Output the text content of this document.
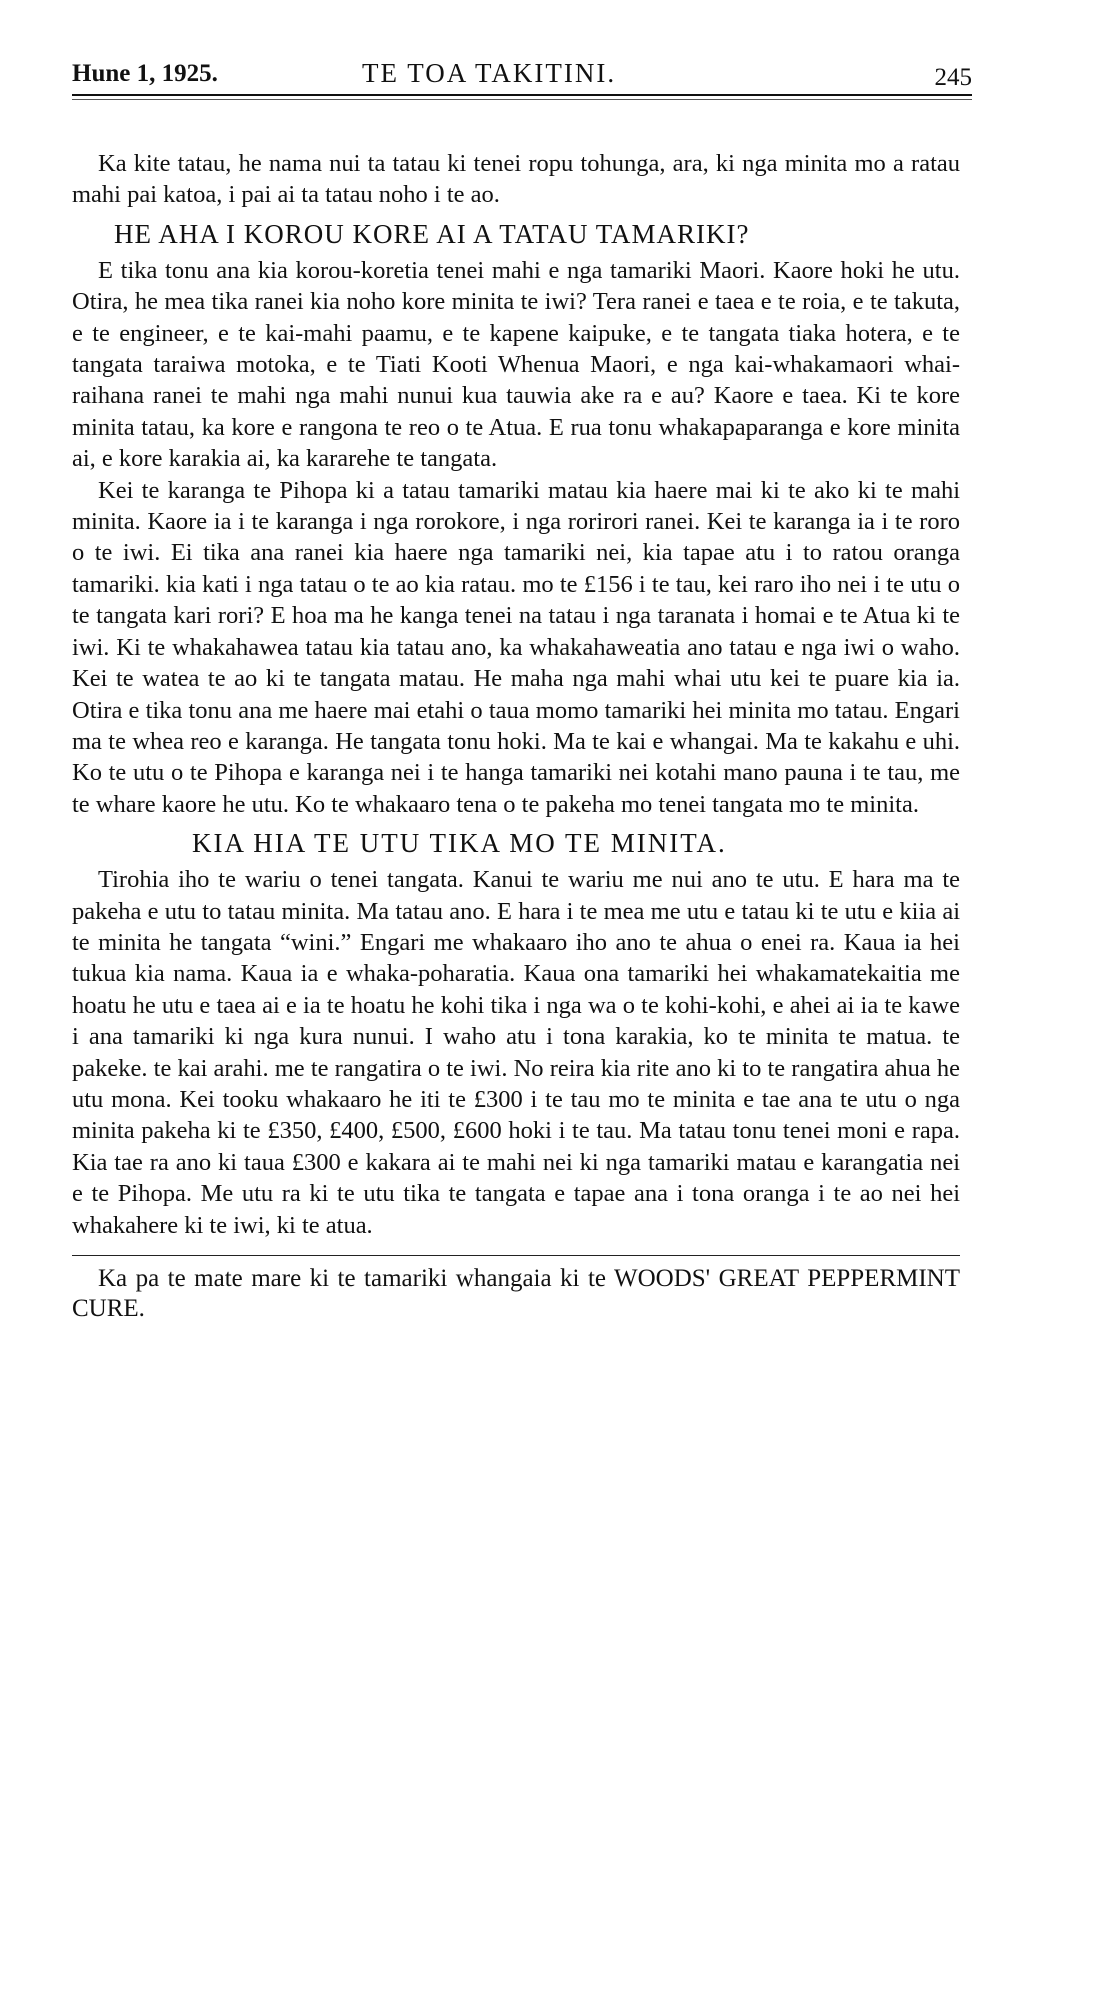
Hune 1, 1925.	TE TOA TAKITINI.	245

Ka kite tatau, he nama nui ta tatau ki tenei ropu tohunga, ara, ki nga minita mo a ratau mahi pai katoa, i pai ai ta tatau noho i te ao.

HE AHA I KOROU KORE AI A TATAU TAMARIKI?

E tika tonu ana kia korou-koretia tenei mahi e nga tamariki Maori. Kaore hoki he utu. Otira, he mea tika ranei kia noho kore minita te iwi? Tera ranei e taea e te roia, e te takuta, e te engineer, e te kai-mahi paamu, e te kapene kaipuke, e te tangata tiaka hotera, e te tangata taraiwa motoka, e te Tiati Kooti Whenua Maori, e nga kai-whakamaori whai-raihana ranei te mahi nga mahi nunui kua tauwia ake ra e au? Kaore e taea. Ki te kore minita tatau, ka kore e rangona te reo o te Atua. E rua tonu whakapaparanga e kore minita ai, e kore karakia ai, ka kararehe te tangata.

Kei te karanga te Pihopa ki a tatau tamariki matau kia haere mai ki te ako ki te mahi minita. Kaore ia i te karanga i nga rorokore, i nga rorirori ranei. Kei te karanga ia i te roro o te iwi. Ei tika ana ranei kia haere nga tamariki nei, kia tapae atu i to ratou oranga tamariki. kia kati i nga tatau o te ao kia ratau. mo te £156 i te tau, kei raro iho nei i te utu o te tangata kari rori? E hoa ma he kanga tenei na tatau i nga taranata i homai e te Atua ki te iwi. Ki te whakahawea tatau kia tatau ano, ka whakahaweatia ano tatau e nga iwi o waho. Kei te watea te ao ki te tangata matau. He maha nga mahi whai utu kei te puare kia ia. Otira e tika tonu ana me haere mai etahi o taua momo tamariki hei minita mo tatau. Engari ma te whea reo e karanga. He tangata tonu hoki. Ma te kai e whangai. Ma te kakahu e uhi. Ko te utu o te Pihopa e karanga nei i te hanga tamariki nei kotahi mano pauna i te tau, me te whare kaore he utu. Ko te whakaaro tena o te pakeha mo tenei tangata mo te minita.

KIA HIA TE UTU TIKA MO TE MINITA.

Tirohia iho te wariu o tenei tangata. Kanui te wariu me nui ano te utu. E hara ma te pakeha e utu to tatau minita. Ma tatau ano. E hara i te mea me utu e tatau ki te utu e kiia ai te minita he tangata “wini.” Engari me whakaaro iho ano te ahua o enei ra. Kaua ia hei tukua kia nama. Kaua ia e whaka-poharatia. Kaua ona tamariki hei whakamatekaitia me hoatu he utu e taea ai e ia te hoatu he kohi tika i nga wa o te kohi-kohi, e ahei ai ia te kawe i ana tamariki ki nga kura nunui. I waho atu i tona karakia, ko te minita te matua. te pakeke. te kai arahi. me te rangatira o te iwi. No reira kia rite ano ki to te rangatira ahua he utu mona. Kei tooku whakaaro he iti te £300 i te tau mo te minita e tae ana te utu o nga minita pakeha ki te £350, £400, £500, £600 hoki i te tau. Ma tatau tonu tenei moni e rapa. Kia tae ra ano ki taua £300 e kakara ai te mahi nei ki nga tamariki matau e karangatia nei e te Pihopa. Me utu ra ki te utu tika te tangata e tapae ana i tona oranga i te ao nei hei whakahere ki te iwi, ki te atua.

Ka pa te mate mare ki te tamariki whangaia ki te WOODS' GREAT PEPPERMINT CURE.
